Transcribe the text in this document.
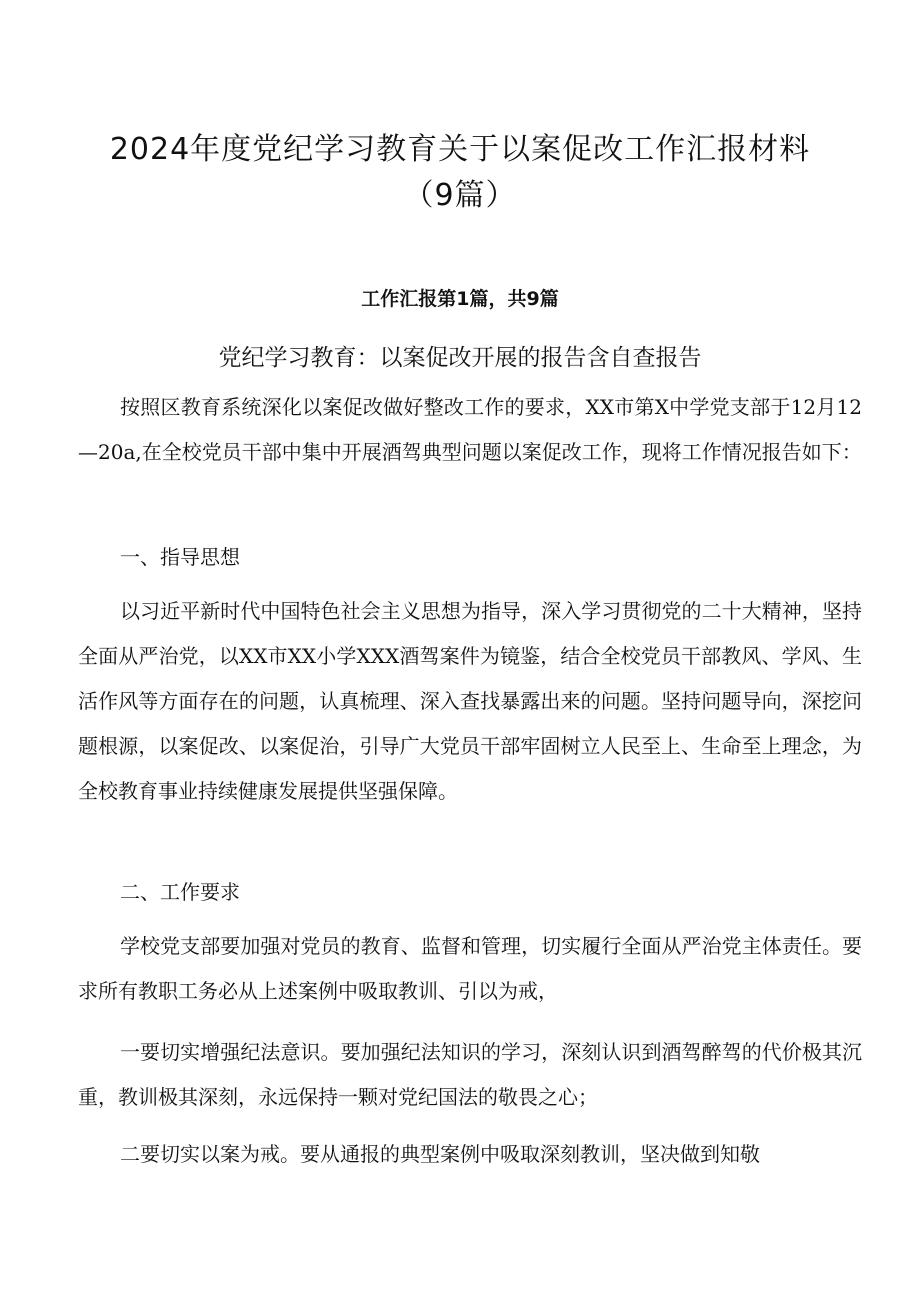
2024年度党纪学习教育关于以案促改工作汇报材料
（9篇）
工作汇报第1篇，共9篇
党纪学习教育：以案促改开展的报告含自查报告

按照区教育系统深化以案促改做好整改工作的要求，XX市第X中学党支部于12月12—20a,在全校党员干部中集中开展酒驾典型问题以案促改工作，现将工作情况报告如下：

一、指导思想

以习近平新时代中国特色社会主义思想为指导，深入学习贯彻党的二十大精神，坚持全面从严治党，以XX市XX小学XXX酒驾案件为镜鉴，结合全校党员干部教风、学风、生活作风等方面存在的问题，认真梳理、深入查找暴露出来的问题。坚持问题导向，深挖问题根源，以案促改、以案促治，引导广大党员干部牢固树立人民至上、生命至上理念，为全校教育事业持续健康发展提供坚强保障。

二、工作要求

学校党支部要加强对党员的教育、监督和管理，切实履行全面从严治党主体责任。要求所有教职工务必从上述案例中吸取教训、引以为戒，

一要切实增强纪法意识。要加强纪法知识的学习，深刻认识到酒驾醉驾的代价极其沉重，教训极其深刻，永远保持一颗对党纪国法的敬畏之心；

二要切实以案为戒。要从通报的典型案例中吸取深刻教训，坚决做到知敬
